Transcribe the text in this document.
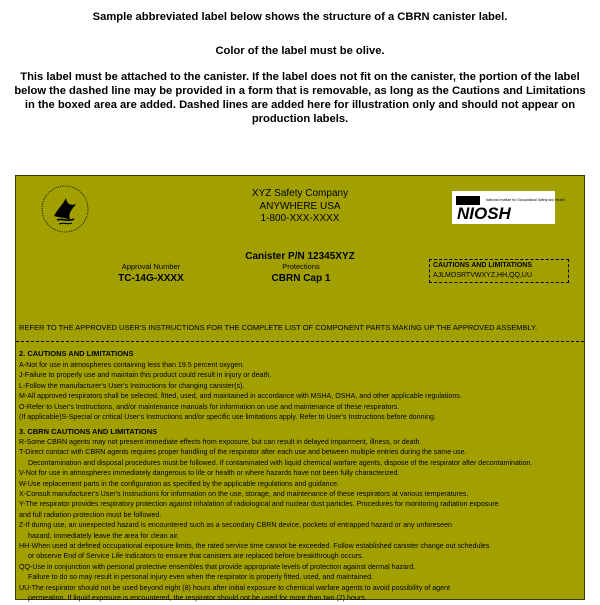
Sample abbreviated label below shows the structure of a CBRN canister label.
Color of the label must be olive.
This label must be attached to the canister. If the label does not fit on the canister, the portion of the label below the dashed line may be provided in a form that is removable, as long as the Cautions and Limitations in the boxed area are added. Dashed lines are added here for illustration only and should not appear on production labels.
XYZ Safety Company
ANYWHERE USA
1-800-XXX-XXXX
National Institute for Occupational Safety and Health
NIOSH
Canister P/N 12345XYZ
Approval Number
TC-14G-XXXX
Protections
CBRN Cap 1
CAUTIONS AND LIMITATIONS
AJLMOSRTVWXYZ,HH,QQ,UU
REFER TO THE APPROVED USER'S INSTRUCTIONS FOR THE COMPLETE LIST OF COMPONENT PARTS MAKING UP THE APPROVED ASSEMBLY.
2. CAUTIONS AND LIMITATIONS
A-Not for use in atmospheres containing less than 19.5 percent oxygen.
J-Failure to properly use and maintain this product could result in injury or death.
L-Follow the manufacturer's User's Instructions for changing canister(s).
M-All approved respirators shall be selected, fitted, used, and maintained in accordance with MSHA, OSHA, and other applicable regulations.
O-Refer to User's Instructions, and/or maintenance manuals for information on use and maintenance of these respirators.
(If applicable)S-Special or critical User's Instructions and/or specific use limitations apply. Refer to User's Instructions before donning.
3. CBRN CAUTIONS AND LIMITATIONS
R-Some CBRN agents may not present immediate effects from exposure, but can result in delayed impairment, illness, or death.
T-Direct contact with CBRN agents requires proper handling of the respirator after each use and between multiple entries during the same use.
Decontamination and disposal procedures must be followed. If contaminated with liquid chemical warfare agents, dispose of the respirator after decontamination.
V-Not for use in atmospheres immediately dangerous to life or health or where hazards have not been fully characterized.
W-Use replacement parts in the configuration as specified by the applicable regulations and guidance.
X-Consult manufacturer's User's Instructions for information on the use, storage, and maintenance of these respirators at various temperatures.
Y-The respirator provides respiratory protection against inhalation of radiological and nuclear dust particles. Procedures for monitoring radiation exposure
and full radiation protection must be followed.
Z-If during use, an unexpected hazard is encountered such as a secondary CBRN device, pockets of entrapped hazard or any unforeseen
hazard, immediately leave the area for clean air.
HH-When used at defined occupational exposure limits, the rated service time cannot be exceeded. Follow established canister change out schedules
or observe End of Service Life Indicators to ensure that canisters are replaced before breakthrough occurs.
QQ-Use in conjunction with personal protective ensembles that provide appropriate levels of protection against dermal hazard.
Failure to do so may result in personal injury even when the respirator is properly fitted, used, and maintained.
UU-The respirator should not be used beyond eight (8) hours after initial exposure to chemical warfare agents to avoid possibility of agent
permeation. If liquid exposure is encountered, the respirator should not be used for more than two (2) hours.
